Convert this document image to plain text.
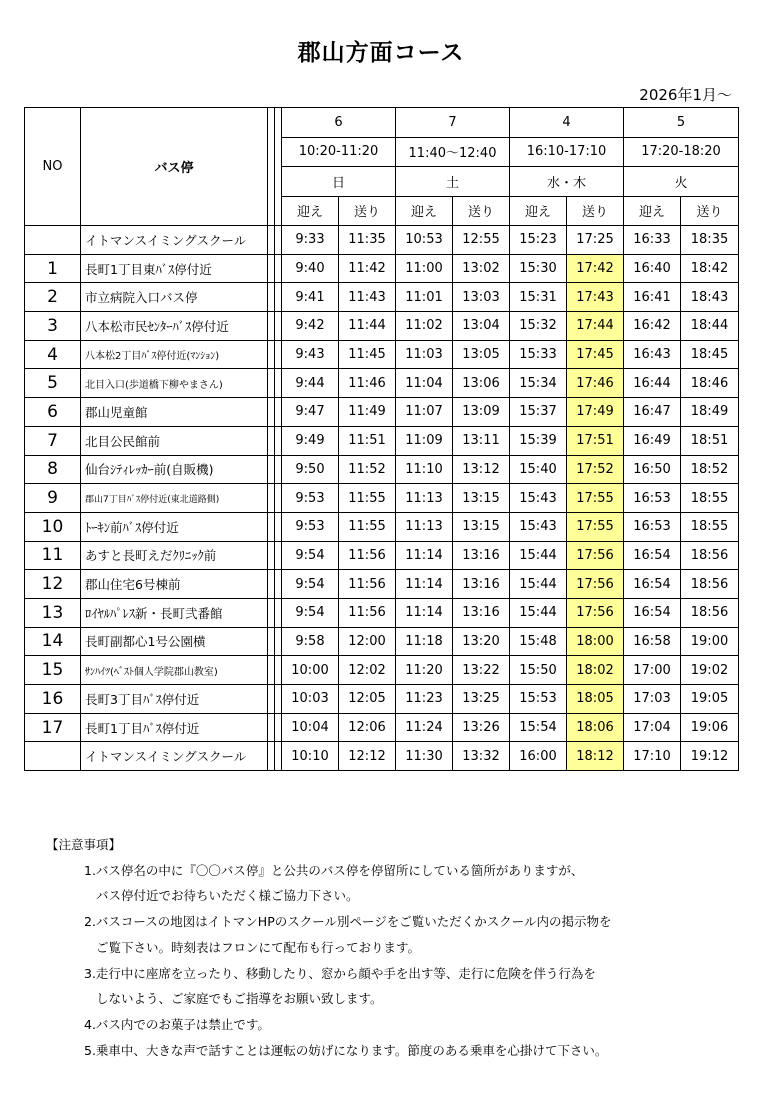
郡山方面コース
2026年1月～
NO	バス停			6		7		4		5	
				10:20-11:20		11:40～12:40		16:10-17:10		17:20-18:20	
				日		土		水・木		火	
				迎え	送り	迎え	送り	迎え	送り	迎え	送り
	イトマンスイミングスクール			9:33	11:35	10:53	12:55	15:23	17:25	16:33	18:35
1	長町1丁目東ﾊﾞｽ停付近			9:40	11:42	11:00	13:02	15:30	17:42	16:40	18:42
2	市立病院入口バス停			9:41	11:43	11:01	13:03	15:31	17:43	16:41	18:43
3	八本松市民ｾﾝﾀｰﾊﾞｽ停付近			9:42	11:44	11:02	13:04	15:32	17:44	16:42	18:44
4	八本松2丁目ﾊﾞｽ停付近(ﾏﾝｼｮﾝ)			9:43	11:45	11:03	13:05	15:33	17:45	16:43	18:45
5	北目入口(歩道橋下柳やまさん)			9:44	11:46	11:04	13:06	15:34	17:46	16:44	18:46
6	郡山児童館			9:47	11:49	11:07	13:09	15:37	17:49	16:47	18:49
7	北目公民館前			9:49	11:51	11:09	13:11	15:39	17:51	16:49	18:51
8	仙台ｼﾃｨﾚｯｶｰ前(自販機)			9:50	11:52	11:10	13:12	15:40	17:52	16:50	18:52
9	郡山7丁目ﾊﾞｽ停付近(東北道路側)			9:53	11:55	11:13	13:15	15:43	17:55	16:53	18:55
10	ﾄｰｷﾝ前ﾊﾞｽ停付近			9:53	11:55	11:13	13:15	15:43	17:55	16:53	18:55
11	あすと長町えだｸﾘﾆｯｸ前			9:54	11:56	11:14	13:16	15:44	17:56	16:54	18:56
12	郡山住宅6号棟前			9:54	11:56	11:14	13:16	15:44	17:56	16:54	18:56
13	ﾛｲﾔﾙﾊﾟﾚｽ新・長町弐番館			9:54	11:56	11:14	13:16	15:44	17:56	16:54	18:56
14	長町副都心1号公園横			9:58	12:00	11:18	13:20	15:48	18:00	16:58	19:00
15	ｻﾝﾊｲﾂ(ﾍﾞｽﾄ個人学院郡山教室)			10:00	12:02	11:20	13:22	15:50	18:02	17:00	19:02
16	長町3丁目ﾊﾞｽ停付近			10:03	12:05	11:23	13:25	15:53	18:05	17:03	19:05
17	長町1丁目ﾊﾞｽ停付近			10:04	12:06	11:24	13:26	15:54	18:06	17:04	19:06
	イトマンスイミングスクール			10:10	12:12	11:30	13:32	16:00	18:12	17:10	19:12
【注意事項】
1.バス停名の中に『〇〇バス停』と公共のバス停を停留所にしている箇所がありますが、
バス停付近でお待ちいただく様ご協力下さい。
2.バスコースの地図はイトマンHPのスクール別ページをご覧いただくかスクール内の掲示物を
ご覧下さい。時刻表はフロンにて配布も行っております。
3.走行中に座席を立ったり、移動したり、窓から顔や手を出す等、走行に危険を伴う行為を
しないよう、ご家庭でもご指導をお願い致します。
4.バス内でのお菓子は禁止です。
5.乗車中、大きな声で話すことは運転の妨げになります。節度のある乗車を心掛けて下さい。
